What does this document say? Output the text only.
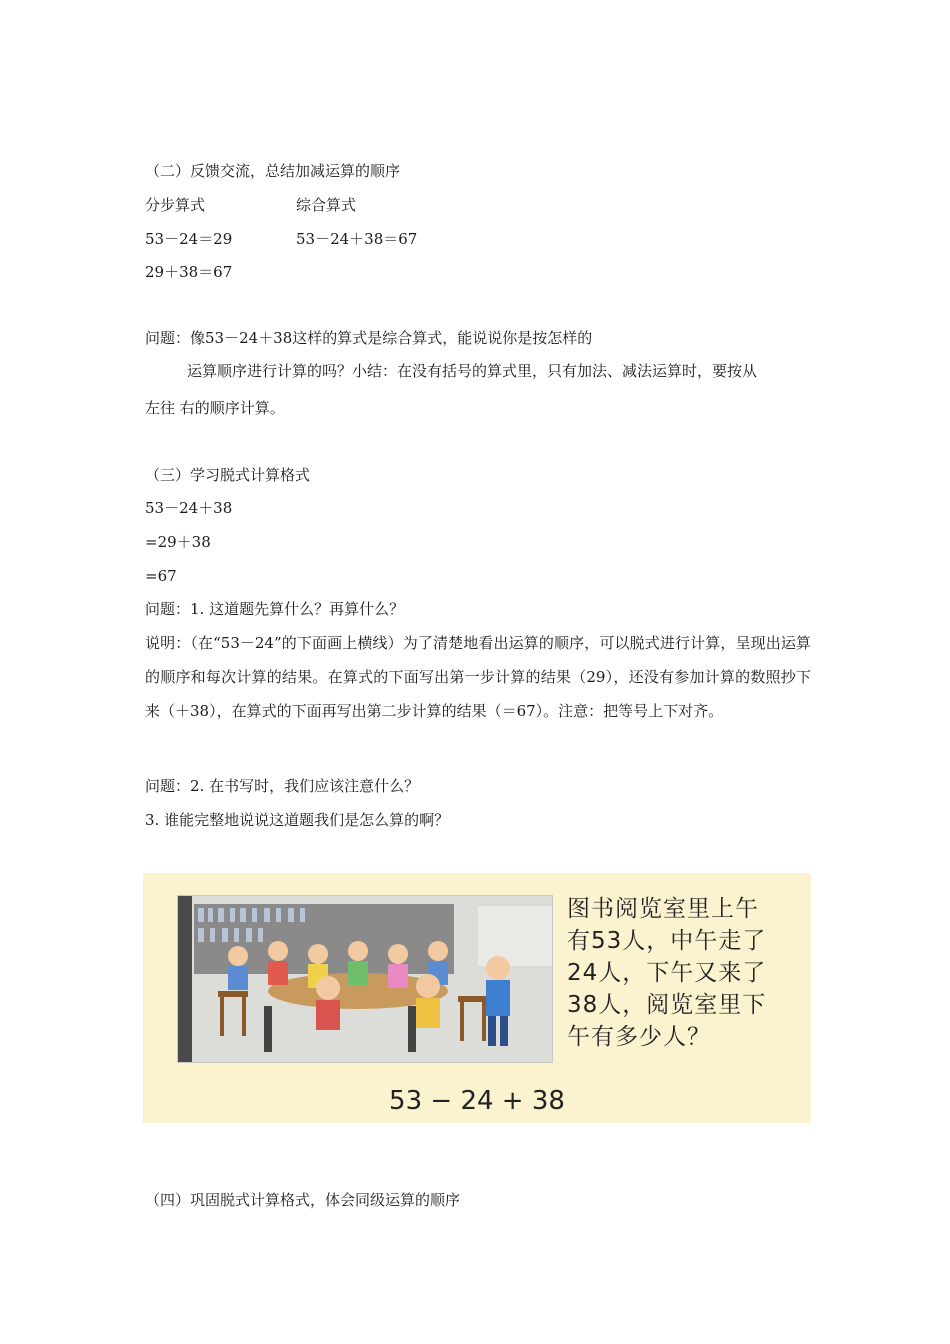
（二）反馈交流，总结加减运算的顺序
分步算式	综合算式
53－24＝29	53－24＋38＝67
29＋38＝67
问题：像53－24＋38这样的算式是综合算式，能说说你是按怎样的
运算顺序进行计算的吗？小结：在没有括号的算式里，只有加法、减法运算时，要按从
左往 右的顺序计算。
（三）学习脱式计算格式
53－24＋38
=29＋38
=67
问题：1. 这道题先算什么？再算什么？
说明：（在“53－24”的下面画上横线）为了清楚地看出运算的顺序，可以脱式进行计算，呈现出运算的顺序和每次计算的结果。在算式的下面写出第一步计算的结果（29），还没有参加计算的数照抄下来（＋38），在算式的下面再写出第二步计算的结果（＝67）。注意：把等号上下对齐。
问题：2. 在书写时，我们应该注意什么？
3. 谁能完整地说说这道题我们是怎么算的啊？
图书阅览室里上午
有53人，中午走了
24人，下午又来了
38人，阅览室里下
午有多少人？
53 − 24 + 38
（四）巩固脱式计算格式，体会同级运算的顺序
